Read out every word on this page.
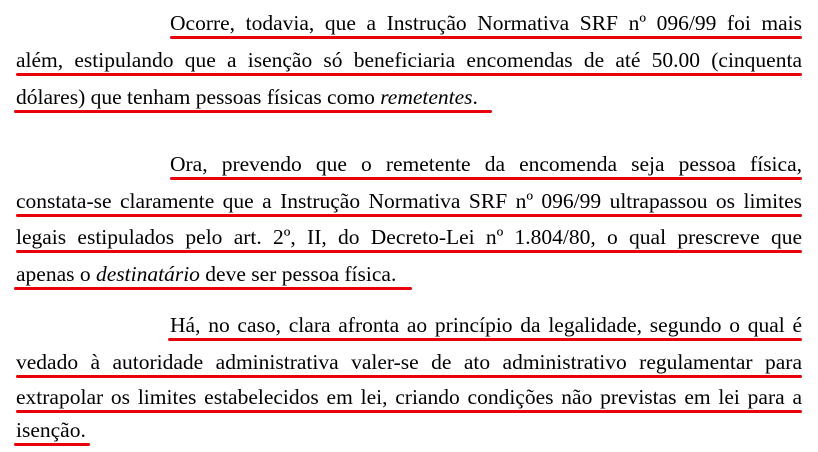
Ocorre, todavia, que a Instrução Normativa SRF nº 096/99 foi mais
além, estipulando que a isenção só beneficiaria encomendas de até 50.00 (cinquenta
dólares) que tenham pessoas físicas como remetentes.
Ora, prevendo que o remetente da encomenda seja pessoa física,
constata-se claramente que a Instrução Normativa SRF nº 096/99 ultrapassou os limites
legais estipulados pelo art. 2º, II, do Decreto-Lei nº 1.804/80, o qual prescreve que
apenas o destinatário deve ser pessoa física.
Há, no caso, clara afronta ao princípio da legalidade, segundo o qual é
vedado à autoridade administrativa valer-se de ato administrativo regulamentar para
extrapolar os limites estabelecidos em lei, criando condições não previstas em lei para a
isenção.
